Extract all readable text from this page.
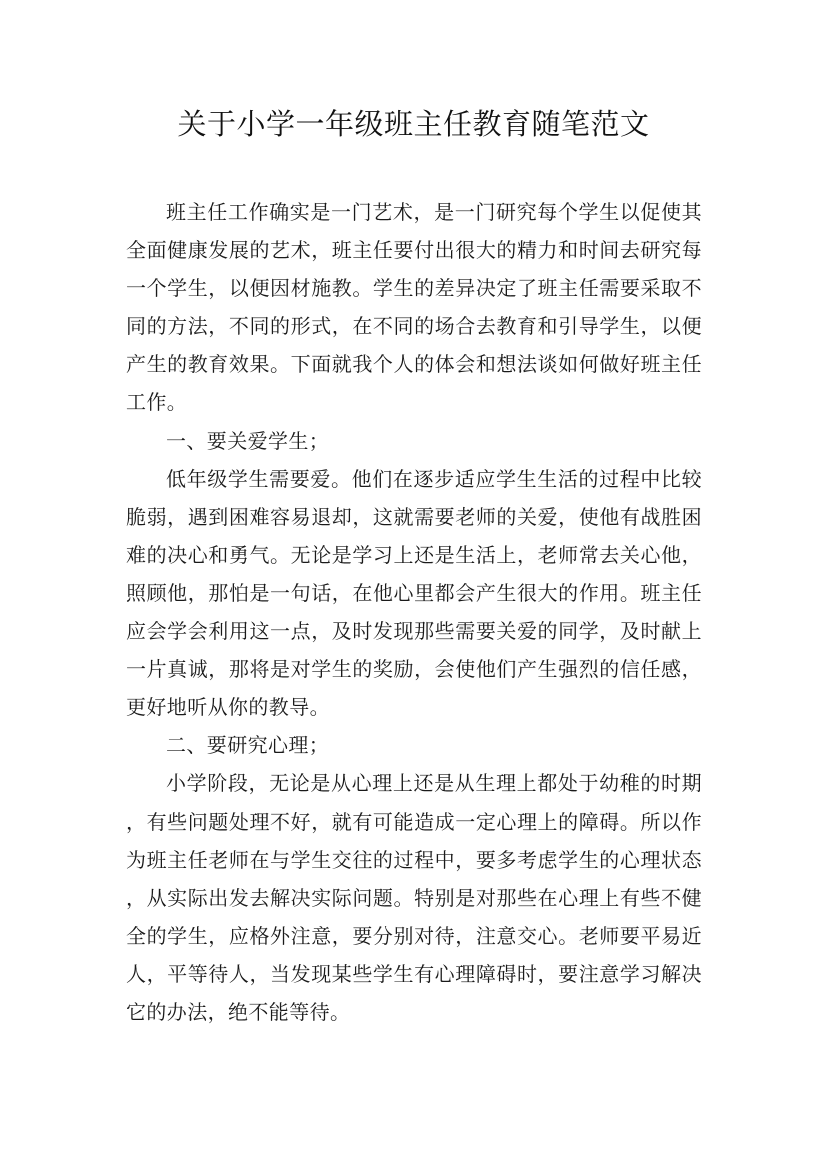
关于小学一年级班主任教育随笔范文

班主任工作确实是一门艺术，是一门研究每个学生以促使其全面健康发展的艺术，班主任要付出很大的精力和时间去研究每一个学生，以便因材施教。学生的差异决定了班主任需要采取不同的方法，不同的形式，在不同的场合去教育和引导学生，以便产生的教育效果。下面就我个人的体会和想法谈如何做好班主任工作。

一、要关爱学生；

低年级学生需要爱。他们在逐步适应学生生活的过程中比较脆弱，遇到困难容易退却，这就需要老师的关爱，使他有战胜困难的决心和勇气。无论是学习上还是生活上，老师常去关心他，照顾他，那怕是一句话，在他心里都会产生很大的作用。班主任应会学会利用这一点，及时发现那些需要关爱的同学，及时献上一片真诚，那将是对学生的奖励，会使他们产生强烈的信任感，更好地听从你的教导。

二、要研究心理；

小学阶段，无论是从心理上还是从生理上都处于幼稚的时期，有些问题处理不好，就有可能造成一定心理上的障碍。所以作为班主任老师在与学生交往的过程中，要多考虑学生的心理状态，从实际出发去解决实际问题。特别是对那些在心理上有些不健全的学生，应格外注意，要分别对待，注意交心。老师要平易近人，平等待人，当发现某些学生有心理障碍时，要注意学习解决它的办法，绝不能等待。
